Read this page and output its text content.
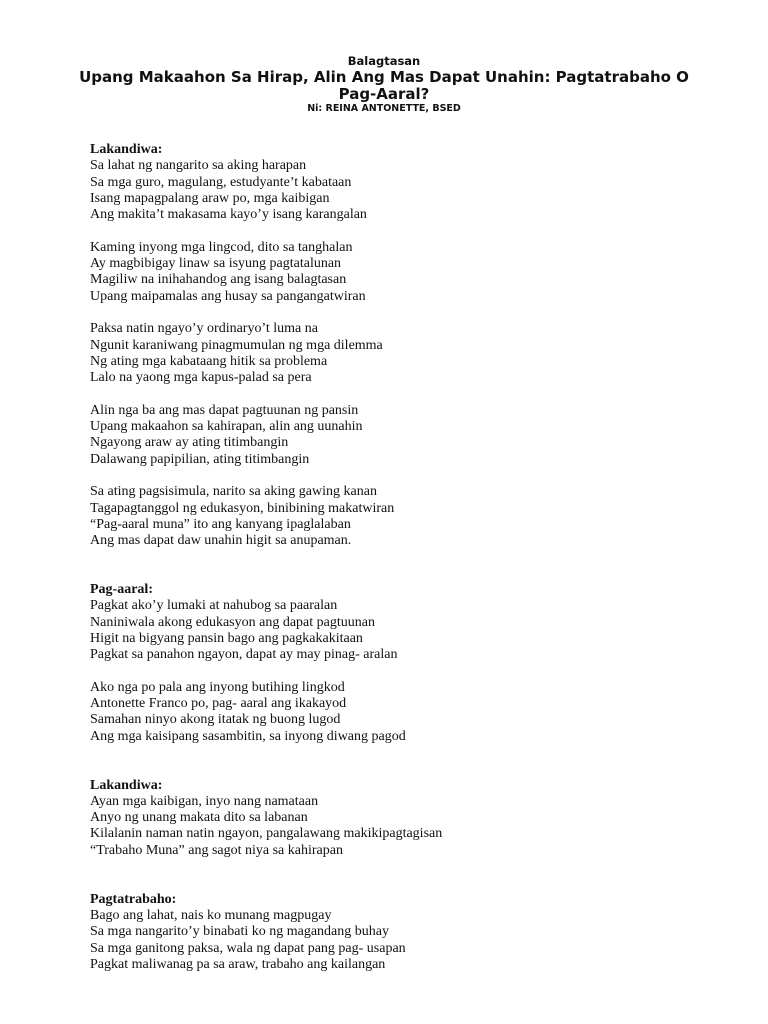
Balagtasan

Upang Makaahon Sa Hirap, Alin Ang Mas Dapat Unahin: Pagtatrabaho O Pag-Aaral?

Ni: REINA ANTONETTE, BSED

Lakandiwa:
Sa lahat ng nangarito sa aking harapan
Sa mga guro, magulang, estudyante’t kabataan
Isang mapagpalang araw po, mga kaibigan
Ang makita’t makasama kayo’y isang karangalan
Kaming inyong mga lingcod, dito sa tanghalan
Ay magbibigay linaw sa isyung pagtatalunan
Magiliw na inihahandog ang isang balagtasan
Upang maipamalas ang husay sa pangangatwiran
Paksa natin ngayo’y ordinaryo’t luma na
Ngunit karaniwang pinagmumulan ng mga dilemma
Ng ating mga kabataang hitik sa problema
Lalo na yaong mga kapus-palad sa pera
Alin nga ba ang mas dapat pagtuunan ng pansin
Upang makaahon sa kahirapan, alin ang uunahin
Ngayong araw ay ating titimbangin
Dalawang papipilian, ating titimbangin
Sa ating pagsisimula, narito sa aking gawing kanan
Tagapagtanggol ng edukasyon, binibining makatwiran
“Pag-aaral muna” ito ang kanyang ipaglalaban
Ang mas dapat daw unahin higit sa anupaman.
Pag-aaral:
Pagkat ako’y lumaki at nahubog sa paaralan
Naniniwala akong edukasyon ang dapat pagtuunan
Higit na bigyang pansin bago ang pagkakakitaan
Pagkat sa panahon ngayon, dapat ay may pinag- aralan
Ako nga po pala ang inyong butihing lingkod
Antonette Franco po, pag- aaral ang ikakayod
Samahan ninyo akong itatak ng buong lugod
Ang mga kaisipang sasambitin, sa inyong diwang pagod
Lakandiwa:
Ayan mga kaibigan, inyo nang namataan
Anyo ng unang makata dito sa labanan
Kilalanin naman natin ngayon, pangalawang makikipagtagisan
“Trabaho Muna” ang sagot niya sa kahirapan
Pagtatrabaho:
Bago ang lahat, nais ko munang magpugay
Sa mga nangarito’y binabati ko ng magandang buhay
Sa mga ganitong paksa, wala ng dapat pang pag- usapan
Pagkat maliwanag pa sa araw, trabaho ang kailangan
